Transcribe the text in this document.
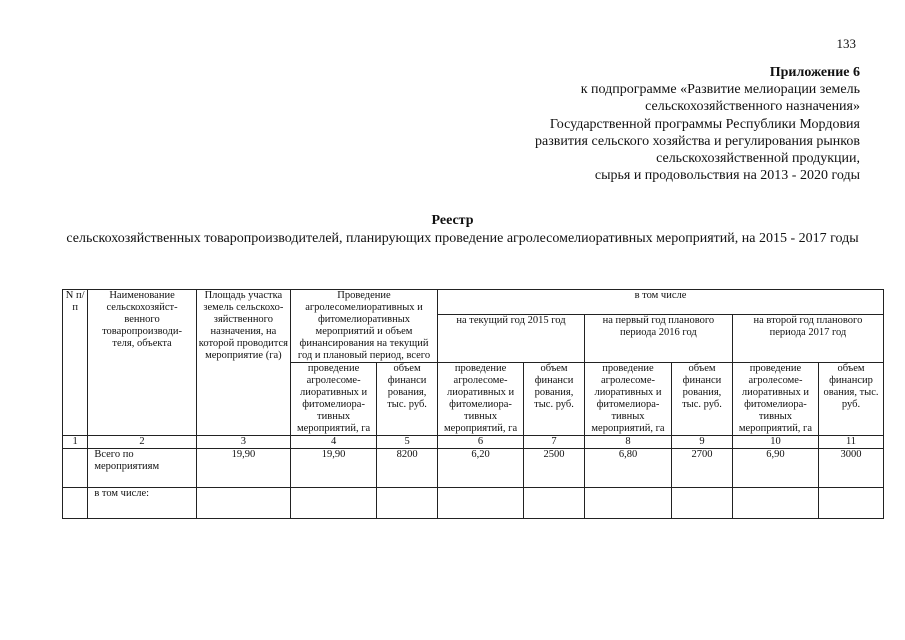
133
Приложение 6
к подпрограмме «Развитие мелиорации земель
сельскохозяйственного назначения»
Государственной программы Республики Мордовия
развития сельского хозяйства и регулирования рынков
сельскохозяйственной продукции,
сырья и продовольствия на 2013 - 2020 годы
Реестр
сельскохозяйственных товаропроизводителей, планирующих проведение агролесомелиоративных мероприятий, на 2015 - 2017 годы
N п/п	Наименование сельскохозяйст- венного товаропроизводи- теля, объекта	Площадь участка земель сельскохо- зяйственного назначения, на которой проводится мероприятие (га)	Проведение агролесомелиоративных и фитомелиоративных мероприятий и объем финансирования на текущий год и плановый период, всего		в том числе					
					на текущий год 2015 год		на первый год планового периода 2016 год		на второй год планового периода 2017 год	
			проведение агролесоме- лиоративных и фитомелиора- тивных мероприятий, га	объем финанси рования, тыс. руб.	проведение агролесоме- лиоративных и фитомелиора- тивных мероприятий, га	объем финанси рования, тыс. руб.	проведение агролесоме- лиоративных и фитомелиора- тивных мероприятий, га	объем финанси рования, тыс. руб.	проведение агролесоме- лиоративных и фитомелиора- тивных мероприятий, га	объем финансир ования, тыс. руб.
1	2	3	4	5	6	7	8	9	10	11
	Всего по мероприятиям	19,90	19,90	8200	6,20	2500	6,80	2700	6,90	3000
	в том числе:									
